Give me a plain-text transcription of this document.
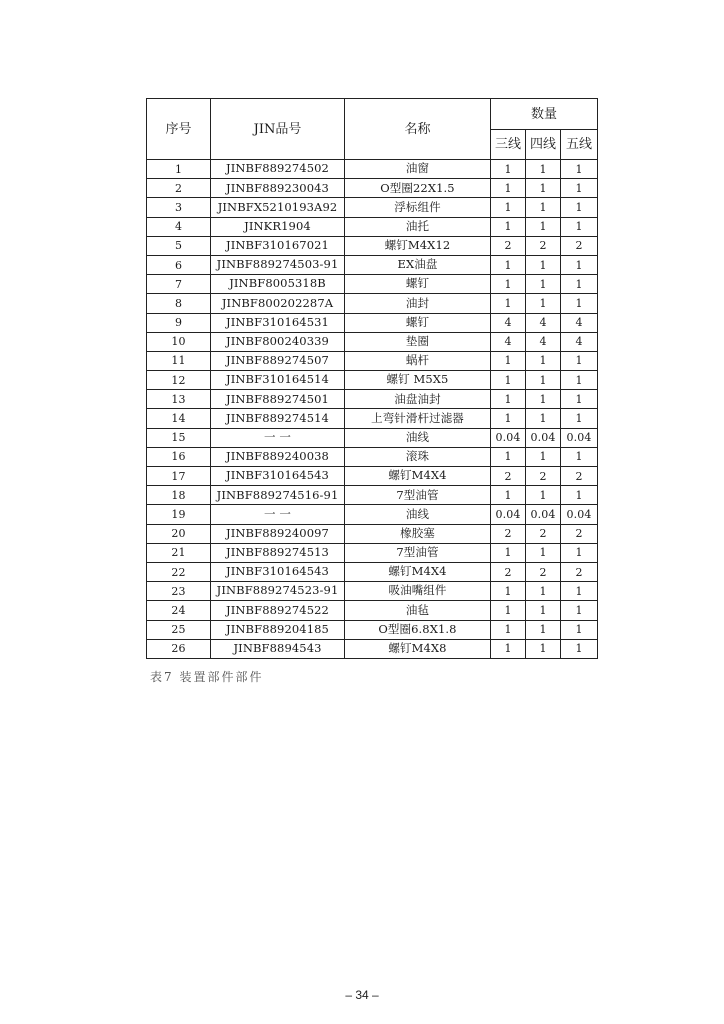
序号	JIN品号	名称	数量		
			三线	四线	五线
1	JINBF889274502	油窗	1	1	1
2	JINBF889230043	O型圈22X1.5	1	1	1
3	JINBFX5210193A92	浮标组件	1	1	1
4	JINKR1904	油托	1	1	1
5	JINBF310167021	螺钉M4X12	2	2	2
6	JINBF889274503-91	EX油盘	1	1	1
7	JINBF8005318B	螺钉	1	1	1
8	JINBF800202287A	油封	1	1	1
9	JINBF310164531	螺钉	4	4	4
10	JINBF800240339	垫圈	4	4	4
11	JINBF889274507	蜗杆	1	1	1
12	JINBF310164514	螺钉 M5X5	1	1	1
13	JINBF889274501	油盘油封	1	1	1
14	JINBF889274514	上弯针滑杆过滤器	1	1	1
15	一 一	油线	0.04	0.04	0.04
16	JINBF889240038	滚珠	1	1	1
17	JINBF310164543	螺钉M4X4	2	2	2
18	JINBF889274516-91	7型油管	1	1	1
19	一 一	油线	0.04	0.04	0.04
20	JINBF889240097	橡胶塞	2	2	2
21	JINBF889274513	7型油管	1	1	1
22	JINBF310164543	螺钉M4X4	2	2	2
23	JINBF889274523-91	吸油嘴组件	1	1	1
24	JINBF889274522	油毡	1	1	1
25	JINBF889204185	O型圈6.8X1.8	1	1	1
26	JINBF8894543	螺钉M4X8	1	1	1
表7 装置部件部件
– 34 –
